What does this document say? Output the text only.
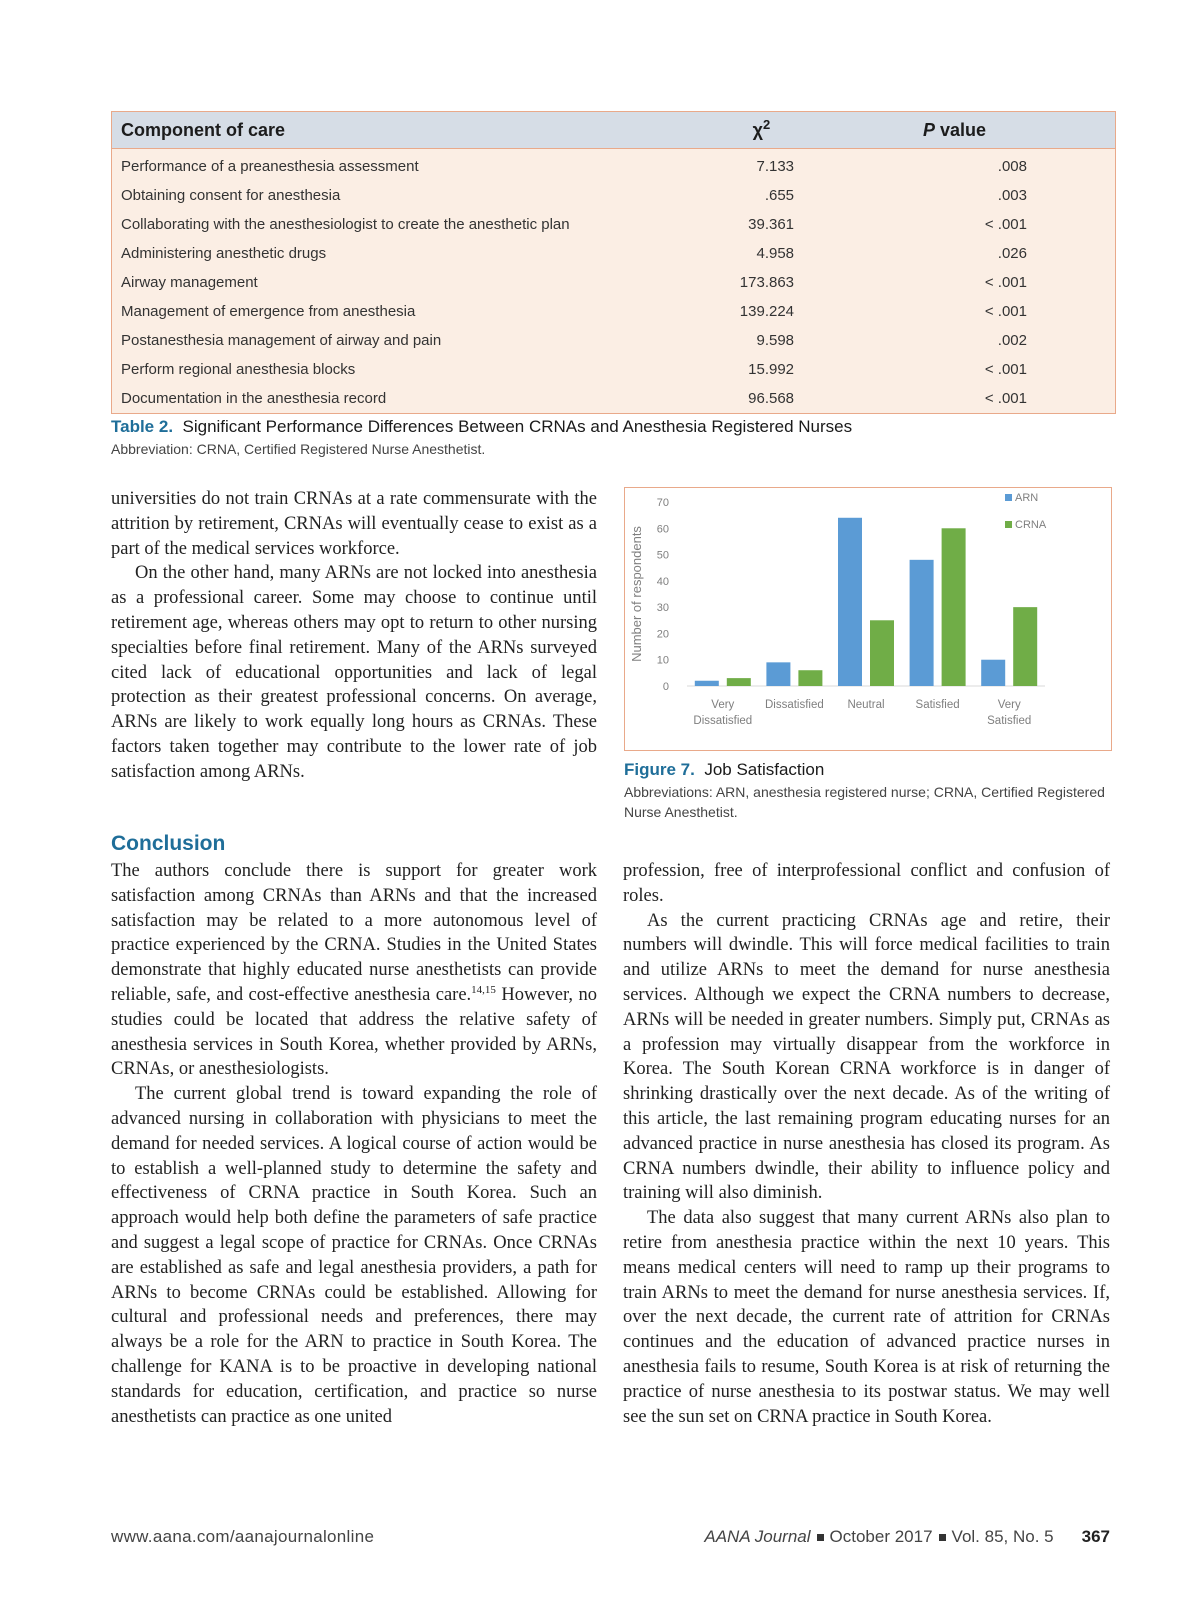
Component of care	$\chi^2$	P value
Performance of a preanesthesia assessment	7.133	.008
Obtaining consent for anesthesia	.655	.003
Collaborating with the anesthesiologist to create the anesthetic plan	39.361	< .001
Administering anesthetic drugs	4.958	.026
Airway management	173.863	< .001
Management of emergence from anesthesia	139.224	< .001
Postanesthesia management of airway and pain	9.598	.002
Perform regional anesthesia blocks	15.992	< .001
Documentation in the anesthesia record	96.568	< .001
Table 2. Significant Performance Differences Between CRNAs and Anesthesia Registered Nurses
Abbreviation: CRNA, Certified Registered Nurse Anesthetist.

universities do not train CRNAs at a rate commensurate with the attrition by retirement, CRNAs will eventually cease to exist as a part of the medical services workforce.

On the other hand, many ARNs are not locked into anesthesia as a professional career. Some may choose to continue until retirement age, whereas others may opt to return to other nursing specialties before final retirement. Many of the ARNs surveyed cited lack of educational opportunities and lack of legal protection as their greatest professional concerns. On average, ARNs are likely to work equally long hours as CRNAs. These factors taken together may contribute to the lower rate of job satisfaction among ARNs.

0
10
20
30
40
50
60
70
Number of respondents
Very
Dissatisfied
Dissatisfied Neutral	Satisfied	Very
Satisfied
ARN
CRNA
Figure 7. Job Satisfaction
Abbreviations: ARN, anesthesia registered nurse; CRNA, Certified Registered Nurse Anesthetist.
Conclusion

The authors conclude there is support for greater work satisfaction among CRNAs than ARNs and that the increased satisfaction may be related to a more autonomous level of practice experienced by the CRNA. Studies in the United States demonstrate that highly educated nurse anesthetists can provide reliable, safe, and cost-effective anesthesia care.$^{14,15}$ However, no studies could be located that address the relative safety of anesthesia services in South Korea, whether provided by ARNs, CRNAs, or anesthesiologists.

The current global trend is toward expanding the role of advanced nursing in collaboration with physicians to meet the demand for needed services. A logical course of action would be to establish a well-planned study to determine the safety and effectiveness of CRNA practice in South Korea. Such an approach would help both define the parameters of safe practice and suggest a legal scope of practice for CRNAs. Once CRNAs are established as safe and legal anesthesia providers, a path for ARNs to become CRNAs could be established. Allowing for cultural and professional needs and preferences, there may always be a role for the ARN to practice in South Korea. The challenge for KANA is to be proactive in developing national standards for education, certification, and practice so nurse anesthetists can practice as one united

profession, free of interprofessional conflict and confusion of roles.

As the current practicing CRNAs age and retire, their numbers will dwindle. This will force medical facilities to train and utilize ARNs to meet the demand for nurse anesthesia services. Although we expect the CRNA numbers to decrease, ARNs will be needed in greater numbers. Simply put, CRNAs as a profession may virtually disappear from the workforce in Korea. The South Korean CRNA workforce is in danger of shrinking drastically over the next decade. As of the writing of this article, the last remaining program educating nurses for an advanced practice in nurse anesthesia has closed its program. As CRNA numbers dwindle, their ability to influence policy and training will also diminish.

The data also suggest that many current ARNs also plan to retire from anesthesia practice within the next 10 years. This means medical centers will need to ramp up their programs to train ARNs to meet the demand for nurse anesthesia services. If, over the next decade, the current rate of attrition for CRNAs continues and the education of advanced practice nurses in anesthesia fails to resume, South Korea is at risk of returning the practice of nurse anesthesia to its postwar status. We may well see the sun set on CRNA practice in South Korea.

www.aana.com/aanajournalonline	AANA Journal October 2017 Vol. 85, No. 5 367
